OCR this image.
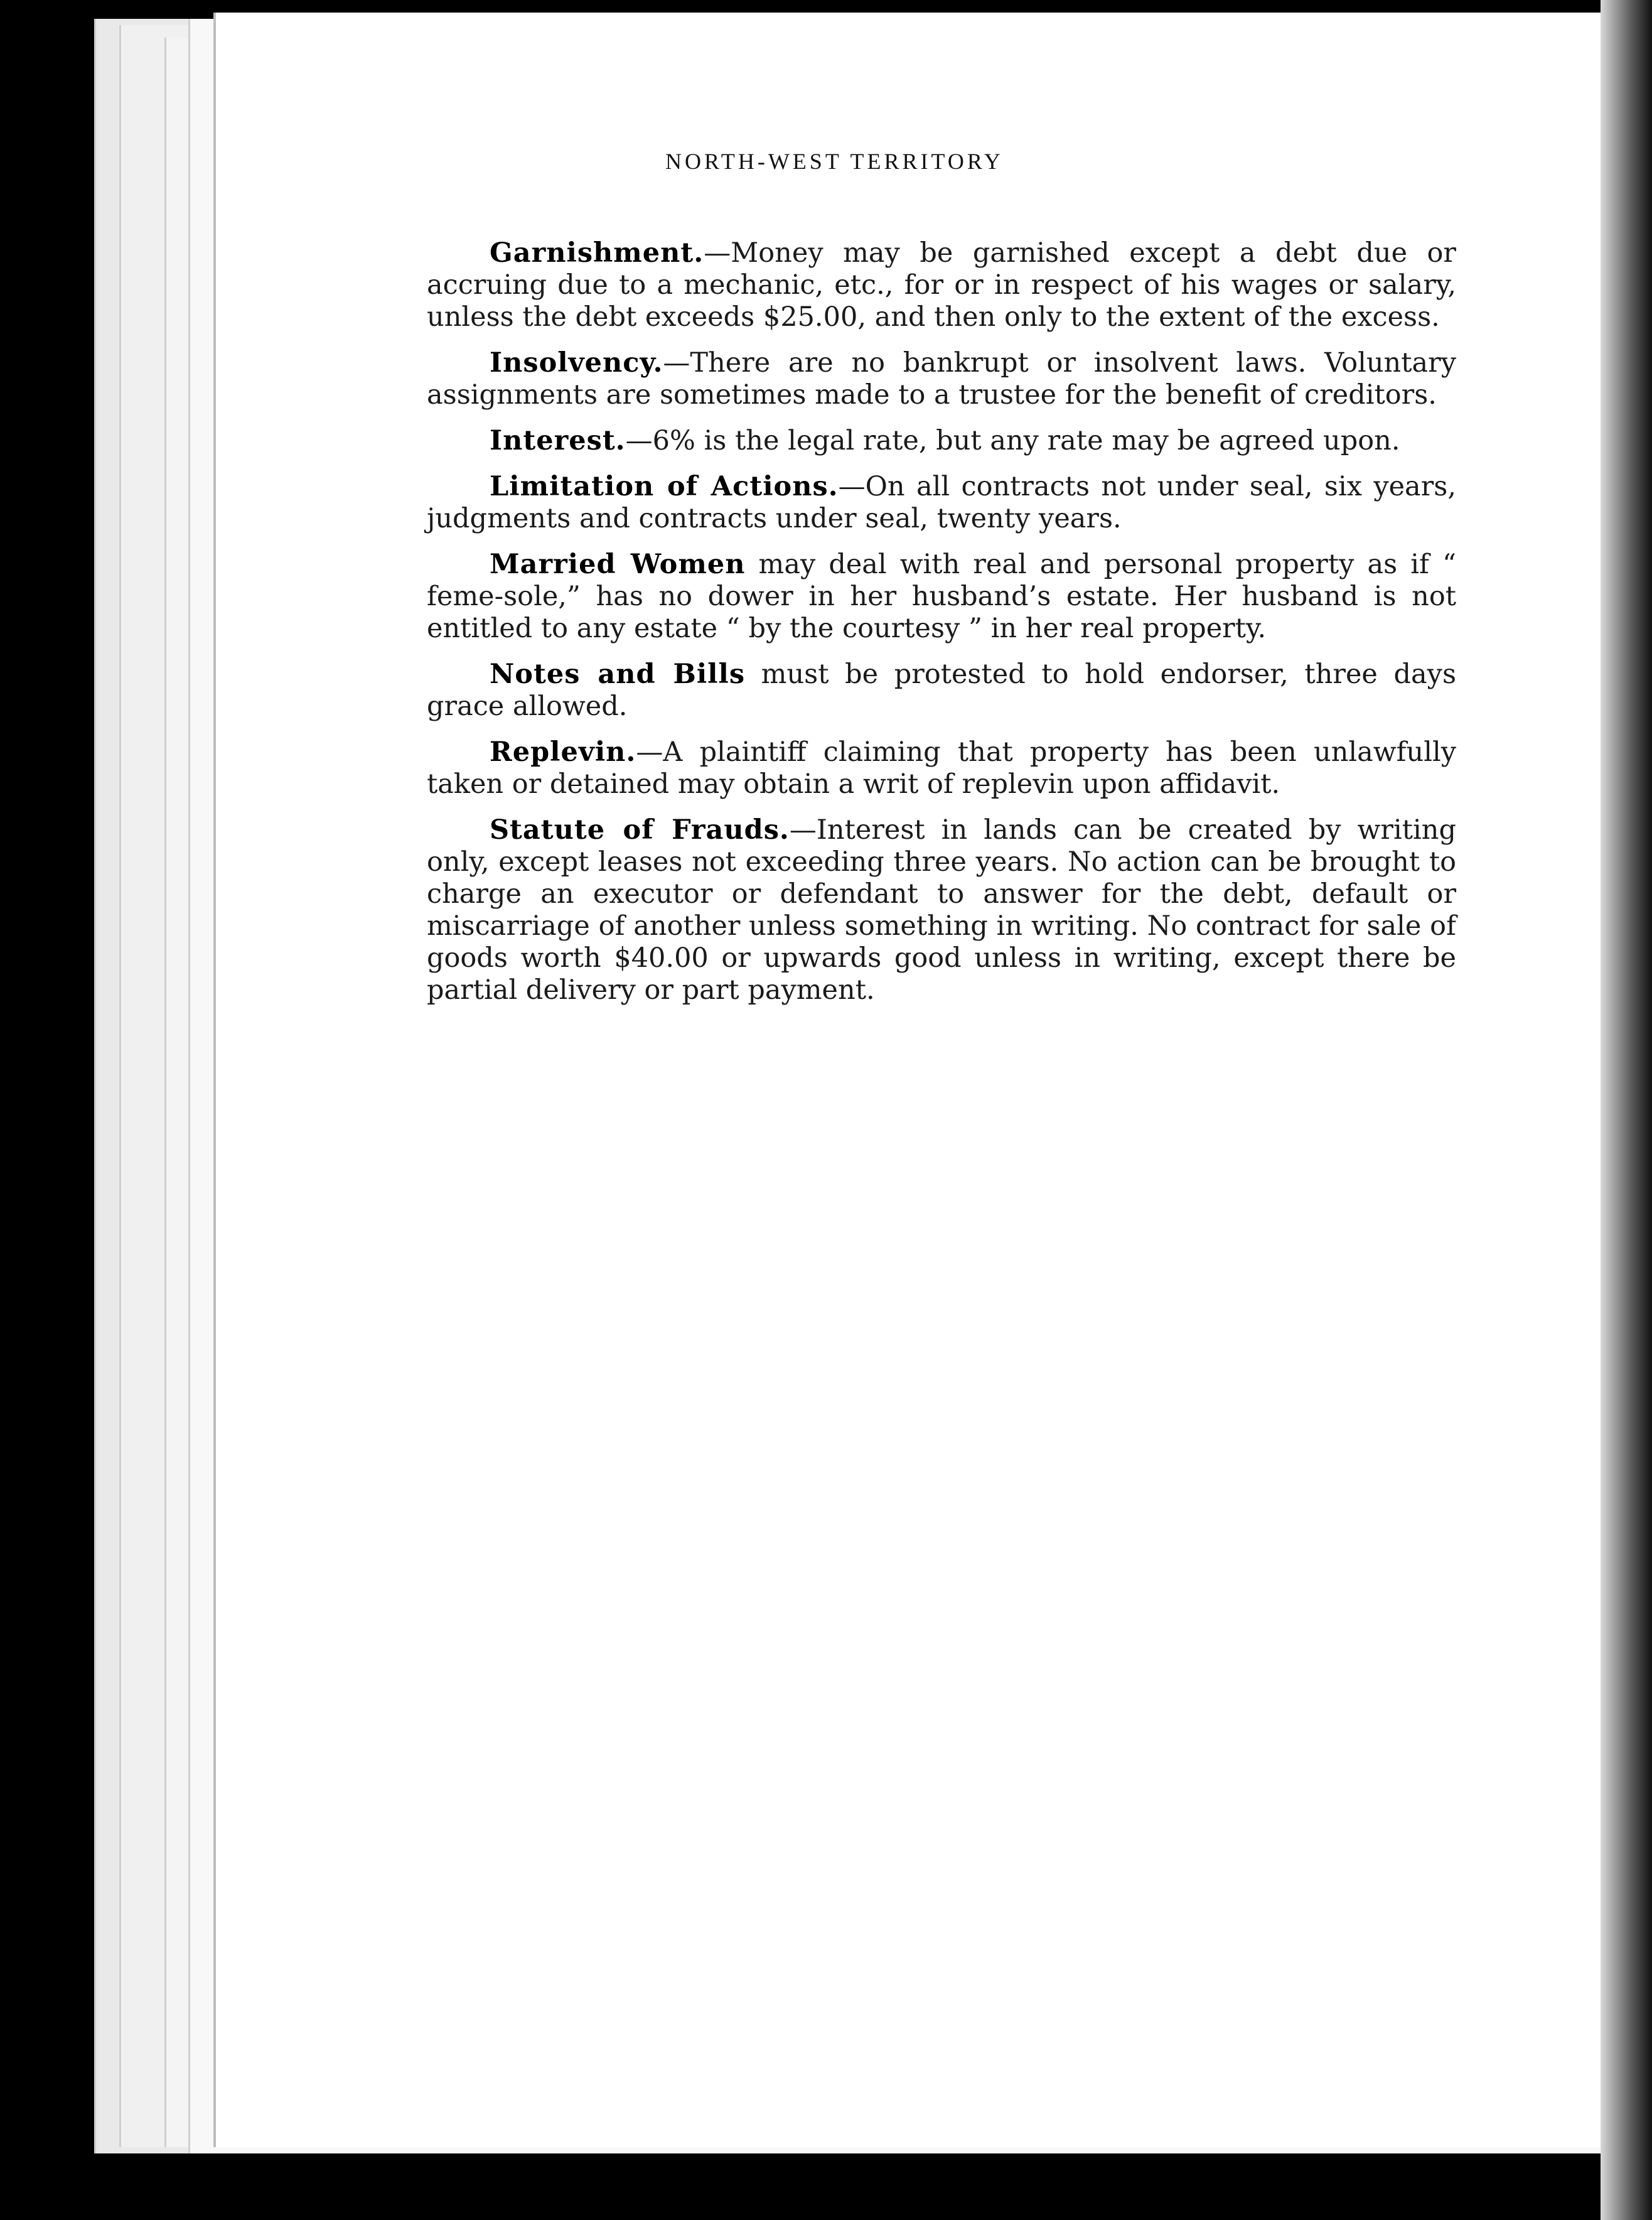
NORTH-WEST TERRITORY

Garnishment.—Money may be garnished except a debt due or accruing due to a mechanic, etc., for or in respect of his wages or salary, unless the debt exceeds $25.00, and then only to the extent of the excess.

Insolvency.—There are no bankrupt or insolvent laws. Voluntary assignments are sometimes made to a trustee for the benefit of creditors.

Interest.—6% is the legal rate, but any rate may be agreed upon.

Limitation of Actions.—On all contracts not under seal, six years, judgments and contracts under seal, twenty years.

Married Women may deal with real and personal property as if “ feme-sole,” has no dower in her husband’s estate. Her husband is not entitled to any estate “ by the courtesy ” in her real property.

Notes and Bills must be protested to hold endorser, three days grace allowed.

Replevin.—A plaintiff claiming that property has been unlawfully taken or detained may obtain a writ of replevin upon affidavit.

Statute of Frauds.—Interest in lands can be created by writing only, except leases not exceeding three years. No action can be brought to charge an executor or defendant to answer for the debt, default or miscarriage of another unless something in writing. No contract for sale of goods worth $40.00 or upwards good unless in writing, except there be partial delivery or part payment.
